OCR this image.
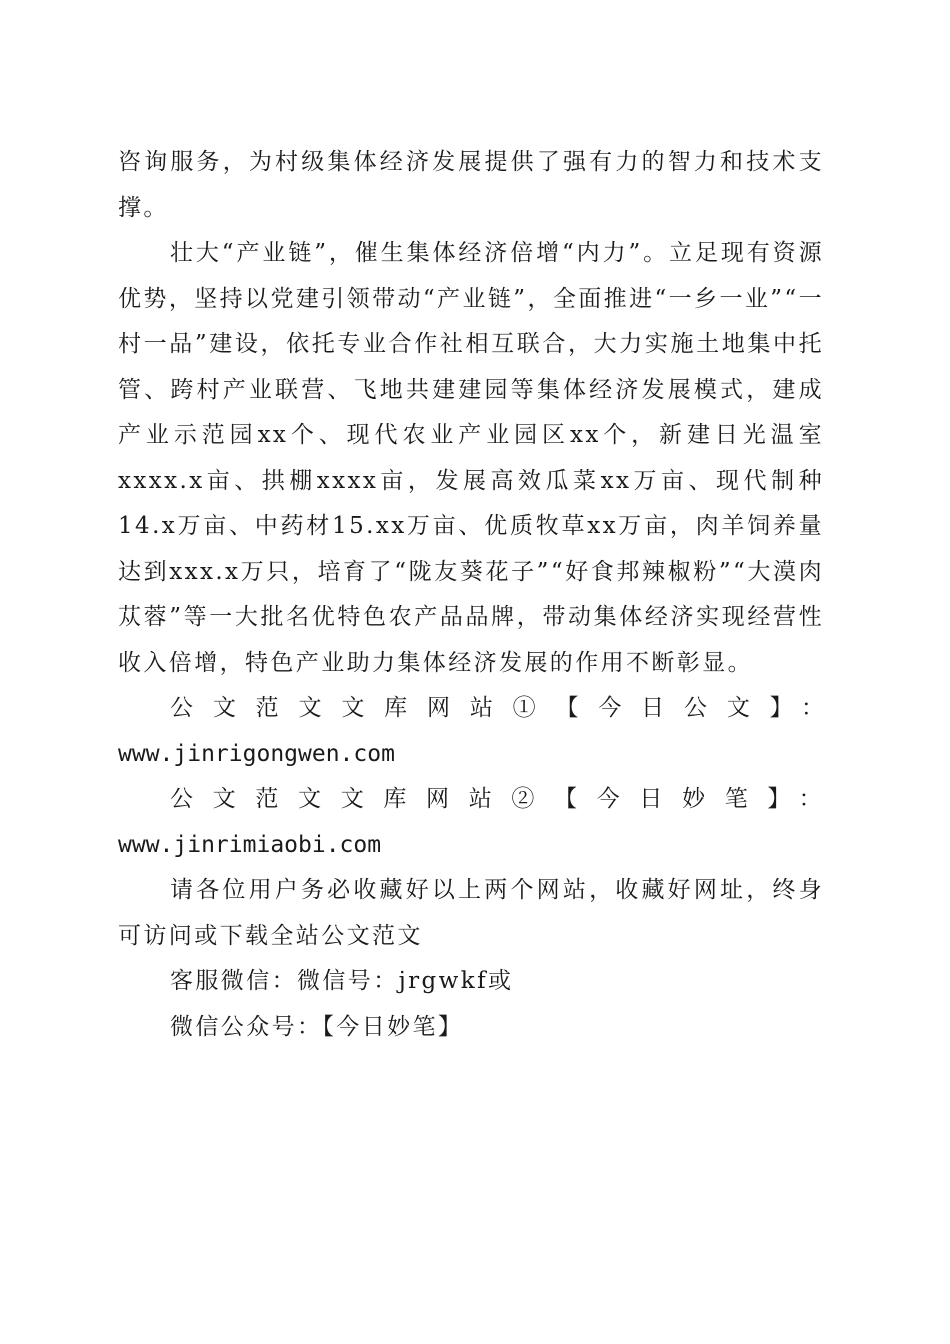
咨询服务，为村级集体经济发展提供了强有力的智力和技术支撑。

壮大“产业链”，催生集体经济倍增“内力”。立足现有资源优势，坚持以党建引领带动“产业链”，全面推进“一乡一业”“一村一品”建设，依托专业合作社相互联合，大力实施土地集中托管、跨村产业联营、飞地共建建园等集体经济发展模式，建成产业示范园xx个、现代农业产业园区xx个，新建日光温室xxxx.x亩、拱棚xxxx亩，发展高效瓜菜xx万亩、现代制种14.x万亩、中药材15.xx万亩、优质牧草xx万亩，肉羊饲养量达到xxx.x万只，培育了“陇友葵花子”“好食邦辣椒粉”“大漠肉苁蓉”等一大批名优特色农产品品牌，带动集体经济实现经营性收入倍增，特色产业助力集体经济发展的作用不断彰显。

公文范文文库网站①【今日公文】：
www.jinrigongwen.com
公文范文文库网站②【今日妙笔】：www.jinrimiaobi.com

请各位用户务必收藏好以上两个网站，收藏好网址，终身可访问或下载全站公文范文

客服微信：微信号：jrgwkf或

微信公众号：【今日妙笔】
